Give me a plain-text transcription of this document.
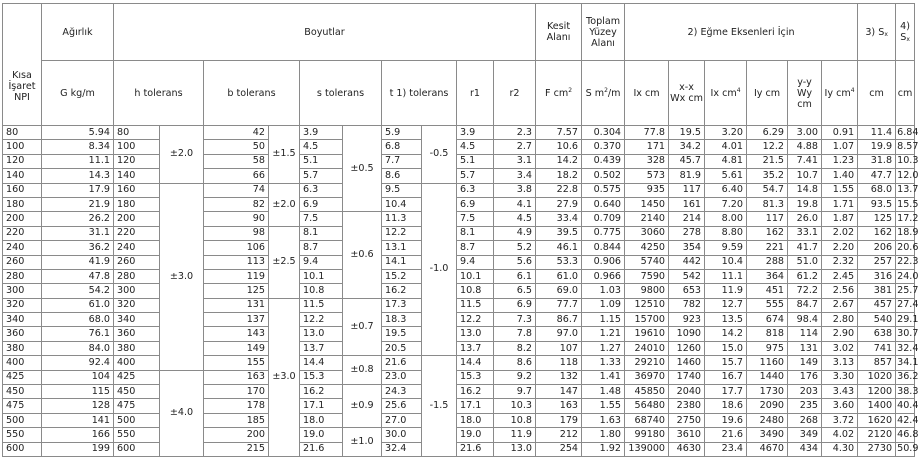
Kısa İşaret NPI	Ağırlık	Boyutlar										Kesit Alanı	Toplam Yüzey Alanı	2) Eğme Eksenleri İçin						3) Sx	4) Sx
	G kg/m	h tolerans		b tolerans		s tolerans		t 1) tolerans		r1	r2	F $cm^2$	S $m^2/m$	Ix cm	x-x Wx cm	Ix $cm^4$	Iy cm	y-y Wy cm	Iy $cm^4$	cm	cm
80	5.94	80	±2.0	42	±1.5	3.9	±0.5	5.9	-0.5	3.9	2.3	7.57	0.304	77.8	19.5	3.20	6.29	3.00	0.91	11.4	6.84
100	8.34	100		50		4.5		6.8		4.5	2.7	10.6	0.370	171	34.2	4.01	12.2	4.88	1.07	19.9	8.57
120	11.1	120		58		5.1		7.7		5.1	3.1	14.2	0.439	328	45.7	4.81	21.5	7.41	1.23	31.8	10.3
140	14.3	140		66		5.7		8.6		5.7	3.4	18.2	0.502	573	81.9	5.61	35.2	10.7	1.40	47.7	12.0
160	17.9	160	±3.0	74	±2.0	6.3		9.5	-1.0	6.3	3.8	22.8	0.575	935	117	6.40	54.7	14.8	1.55	68.0	13.7
180	21.9	180		82		6.9		10.4		6.9	4.1	27.9	0.640	1450	161	7.20	81.3	19.8	1.71	93.5	15.5
200	26.2	200		90		7.5	±0.6	11.3		7.5	4.5	33.4	0.709	2140	214	8.00	117	26.0	1.87	125	17.2
220	31.1	220		98	±2.5	8.1		12.2		8.1	4.9	39.5	0.775	3060	278	8.80	162	33.1	2.02	162	18.9
240	36.2	240		106		8.7		13.1		8.7	5.2	46.1	0.844	4250	354	9.59	221	41.7	2.20	206	20.6
260	41.9	260		113		9.4		14.1		9.4	5.6	53.3	0.906	5740	442	10.4	288	51.0	2.32	257	22.3
280	47.8	280		119		10.1		15.2		10.1	6.1	61.0	0.966	7590	542	11.1	364	61.2	2.45	316	24.0
300	54.2	300		125		10.8		16.2		10.8	6.5	69.0	1.03	9800	653	11.9	451	72.2	2.56	381	25.7
320	61.0	320		131	±3.0	11.5	±0.7	17.3		11.5	6.9	77.7	1.09	12510	782	12.7	555	84.7	2.67	457	27.4
340	68.0	340		137		12.2		18.3		12.2	7.3	86.7	1.15	15700	923	13.5	674	98.4	2.80	540	29.1
360	76.1	360		143		13.0		19.5		13.0	7.8	97.0	1.21	19610	1090	14.2	818	114	2.90	638	30.7
380	84.0	380		149		13.7		20.5		13.7	8.2	107	1.27	24010	1260	15.0	975	131	3.02	741	32.4
400	92.4	400		155		14.4	±0.8	21.6	-1.5	14.4	8.6	118	1.33	29210	1460	15.7	1160	149	3.13	857	34.1
425	104	425	±4.0	163		15.3		23.0		15.3	9.2	132	1.41	36970	1740	16.7	1440	176	3.30	1020	36.2
450	115	450		170		16.2	±0.9	24.3		16.2	9.7	147	1.48	45850	2040	17.7	1730	203	3.43	1200	38.3
475	128	475		178		17.1		25.6		17.1	10.3	163	1.55	56480	2380	18.6	2090	235	3.60	1400	40.4
500	141	500		185		18.0		27.0		18.0	10.8	179	1.63	68740	2750	19.6	2480	268	3.72	1620	42.4
550	166	550		200		19.0	±1.0	30.0		19.0	11.9	212	1.80	99180	3610	21.6	3490	349	4.02	2120	46.8
600	199	600		215		21.6		32.4		21.6	13.0	254	1.92	139000	4630	23.4	4670	434	4.30	2730	50.9
